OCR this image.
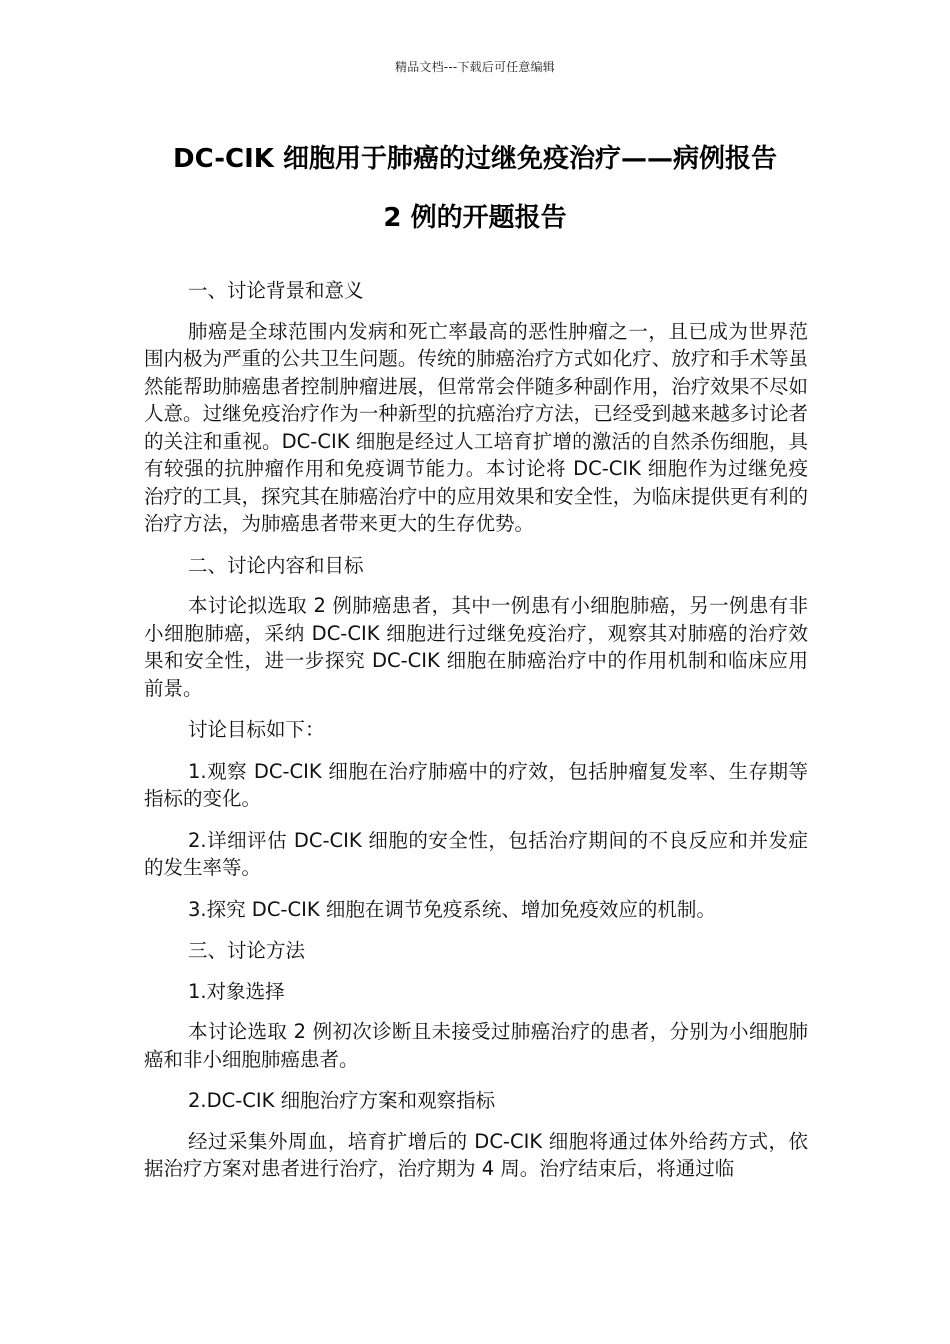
精品文档---下载后可任意编辑
DC-CIK 细胞用于肺癌的过继免疫治疗——病例报告
2 例的开题报告

一、讨论背景和意义

肺癌是全球范围内发病和死亡率最高的恶性肿瘤之一，且已成为世界范围内极为严重的公共卫生问题。传统的肺癌治疗方式如化疗、放疗和手术等虽然能帮助肺癌患者控制肿瘤进展，但常常会伴随多种副作用，治疗效果不尽如人意。过继免疫治疗作为一种新型的抗癌治疗方法，已经受到越来越多讨论者的关注和重视。DC-CIK 细胞是经过人工培育扩增的激活的自然杀伤细胞，具有较强的抗肿瘤作用和免疫调节能力。本讨论将 DC-CIK 细胞作为过继免疫治疗的工具，探究其在肺癌治疗中的应用效果和安全性，为临床提供更有利的治疗方法，为肺癌患者带来更大的生存优势。

二、讨论内容和目标

本讨论拟选取 2 例肺癌患者，其中一例患有小细胞肺癌，另一例患有非小细胞肺癌，采纳 DC-CIK 细胞进行过继免疫治疗，观察其对肺癌的治疗效果和安全性，进一步探究 DC-CIK 细胞在肺癌治疗中的作用机制和临床应用前景。

讨论目标如下：

1.观察 DC-CIK 细胞在治疗肺癌中的疗效，包括肿瘤复发率、生存期等指标的变化。

2.详细评估 DC-CIK 细胞的安全性，包括治疗期间的不良反应和并发症的发生率等。

3.探究 DC-CIK 细胞在调节免疫系统、增加免疫效应的机制。

三、讨论方法

1.对象选择

本讨论选取 2 例初次诊断且未接受过肺癌治疗的患者，分别为小细胞肺癌和非小细胞肺癌患者。

2.DC-CIK 细胞治疗方案和观察指标

经过采集外周血，培育扩增后的 DC-CIK 细胞将通过体外给药方式，依据治疗方案对患者进行治疗，治疗期为 4 周。治疗结束后，将通过临
